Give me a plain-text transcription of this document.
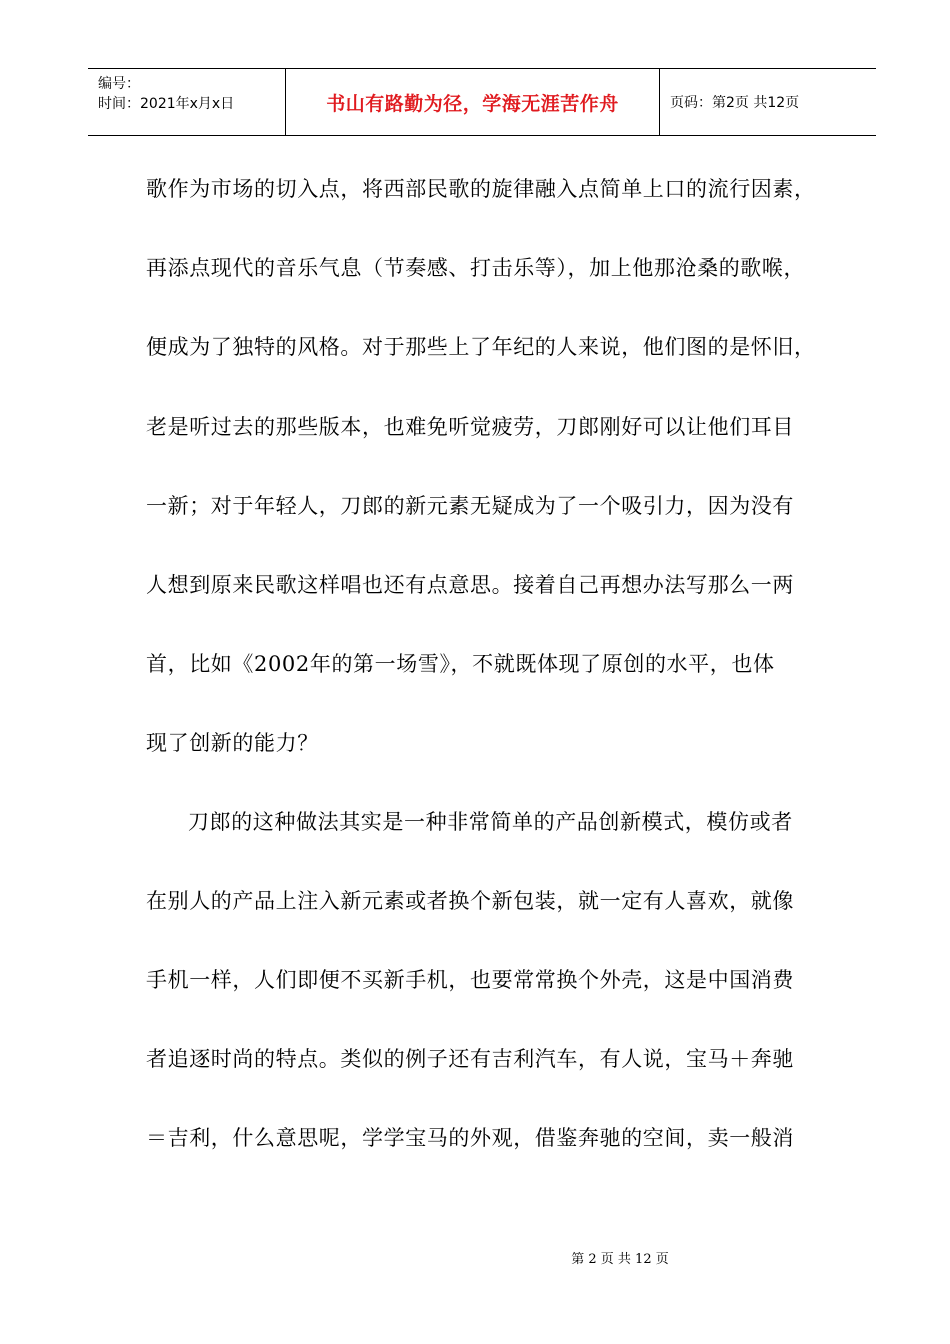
编号：
时间：2021年x月x日	书山有路勤为径，学海无涯苦作舟	页码：第2页 共12页
歌作为市场的切入点，将西部民歌的旋律融入点简单上口的流行因素，
再添点现代的音乐气息（节奏感、打击乐等），加上他那沧桑的歌喉，
便成为了独特的风格。对于那些上了年纪的人来说，他们图的是怀旧，
老是听过去的那些版本，也难免听觉疲劳，刀郎刚好可以让他们耳目
一新；对于年轻人，刀郎的新元素无疑成为了一个吸引力，因为没有
人想到原来民歌这样唱也还有点意思。接着自己再想办法写那么一两
首，比如《2002年的第一场雪》，不就既体现了原创的水平，也体
现了创新的能力？
刀郎的这种做法其实是一种非常简单的产品创新模式，模仿或者
在别人的产品上注入新元素或者换个新包装，就一定有人喜欢，就像
手机一样，人们即便不买新手机，也要常常换个外壳，这是中国消费
者追逐时尚的特点。类似的例子还有吉利汽车，有人说，宝马＋奔驰
＝吉利，什么意思呢，学学宝马的外观，借鉴奔驰的空间，卖一般消
第 2 页 共 12 页
